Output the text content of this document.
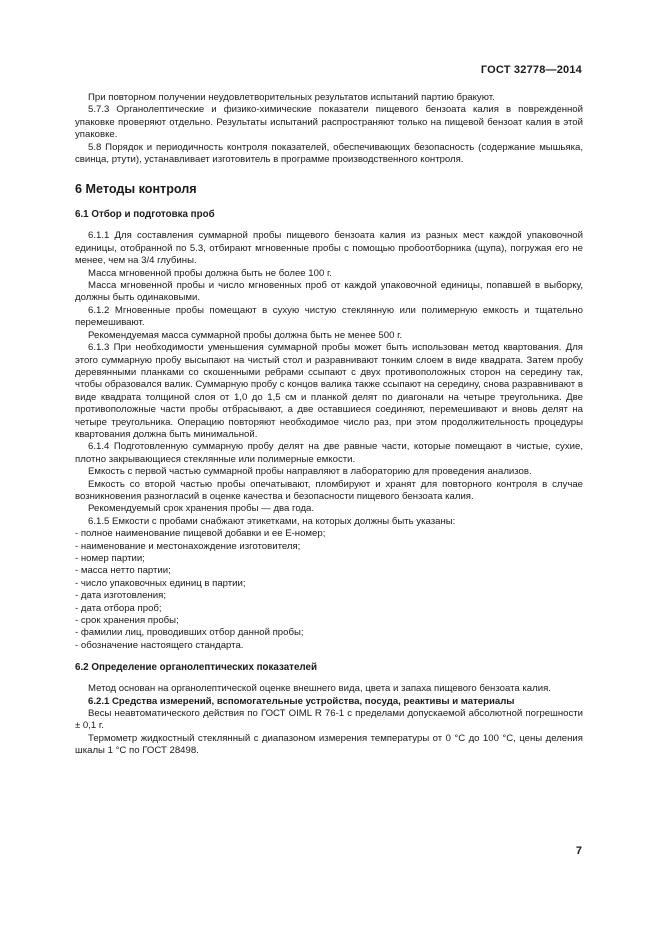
ГОСТ 32778—2014

При повторном получении неудовлетворительных результатов испытаний партию бракуют.

5.7.3 Органолептические и физико-химические показатели пищевого бензоата калия в поврежденной упаковке проверяют отдельно. Результаты испытаний распространяют только на пищевой бензоат калия в этой упаковке.

5.8 Порядок и периодичность контроля показателей, обеспечивающих безопасность (содержание мышьяка, свинца, ртути), устанавливает изготовитель в программе производственного контроля.

6 Методы контроля
6.1 Отбор и подготовка проб

6.1.1 Для составления суммарной пробы пищевого бензоата калия из разных мест каждой упаковочной единицы, отобранной по 5.3, отбирают мгновенные пробы с помощью пробоотборника (щупа), погружая его не менее, чем на 3/4 глубины.

Масса мгновенной пробы должна быть не более 100 г.

Масса мгновенной пробы и число мгновенных проб от каждой упаковочной единицы, попавшей в выборку, должны быть одинаковыми.

6.1.2 Мгновенные пробы помещают в сухую чистую стеклянную или полимерную емкость и тщательно перемешивают.

Рекомендуемая масса суммарной пробы должна быть не менее 500 г.

6.1.3 При необходимости уменьшения суммарной пробы может быть использован метод квартования. Для этого суммарную пробу высыпают на чистый стол и разравнивают тонким слоем в виде квадрата. Затем пробу деревянными планками со скошенными ребрами ссыпают с двух противоположных сторон на середину так, чтобы образовался валик. Суммарную пробу с концов валика также ссыпают на середину, снова разравнивают в виде квадрата толщиной слоя от 1,0 до 1,5 см и планкой делят по диагонали на четыре треугольника. Две противоположные части пробы отбрасывают, а две оставшиеся соединяют, перемешивают и вновь делят на четыре треугольника. Операцию повторяют необходимое число раз, при этом продолжительность процедуры квартования должна быть минимальной.

6.1.4 Подготовленную суммарную пробу делят на две равные части, которые помещают в чистые, сухие, плотно закрывающиеся стеклянные или полимерные емкости.

Емкость с первой частью суммарной пробы направляют в лабораторию для проведения анализов.

Емкость со второй частью пробы опечатывают, пломбируют и хранят для повторного контроля в случае возникновения разногласий в оценке качества и безопасности пищевого бензоата калия.

Рекомендуемый срок хранения пробы — два года.

6.1.5 Емкости с пробами снабжают этикетками, на которых должны быть указаны:

- полное наименование пищевой добавки и ее Е-номер;

- наименование и местонахождение изготовителя;

- номер партии;

- масса нетто партии;

- число упаковочных единиц в партии;

- дата изготовления;

- дата отбора проб;

- срок хранения пробы;

- фамилии лиц, проводивших отбор данной пробы;

- обозначение настоящего стандарта.

6.2 Определение органолептических показателей

Метод основан на органолептической оценке внешнего вида, цвета и запаха пищевого бензоата калия.

6.2.1 Средства измерений, вспомогательные устройства, посуда, реактивы и материалы

Весы неавтоматического действия по ГОСТ OIML R 76-1 с пределами допускаемой абсолютной погрешности ± 0,1 г.

Термометр жидкостный стеклянный с диапазоном измерения температуры от 0 °C до 100 °C, цены деления шкалы 1 °C по ГОСТ 28498.

7
